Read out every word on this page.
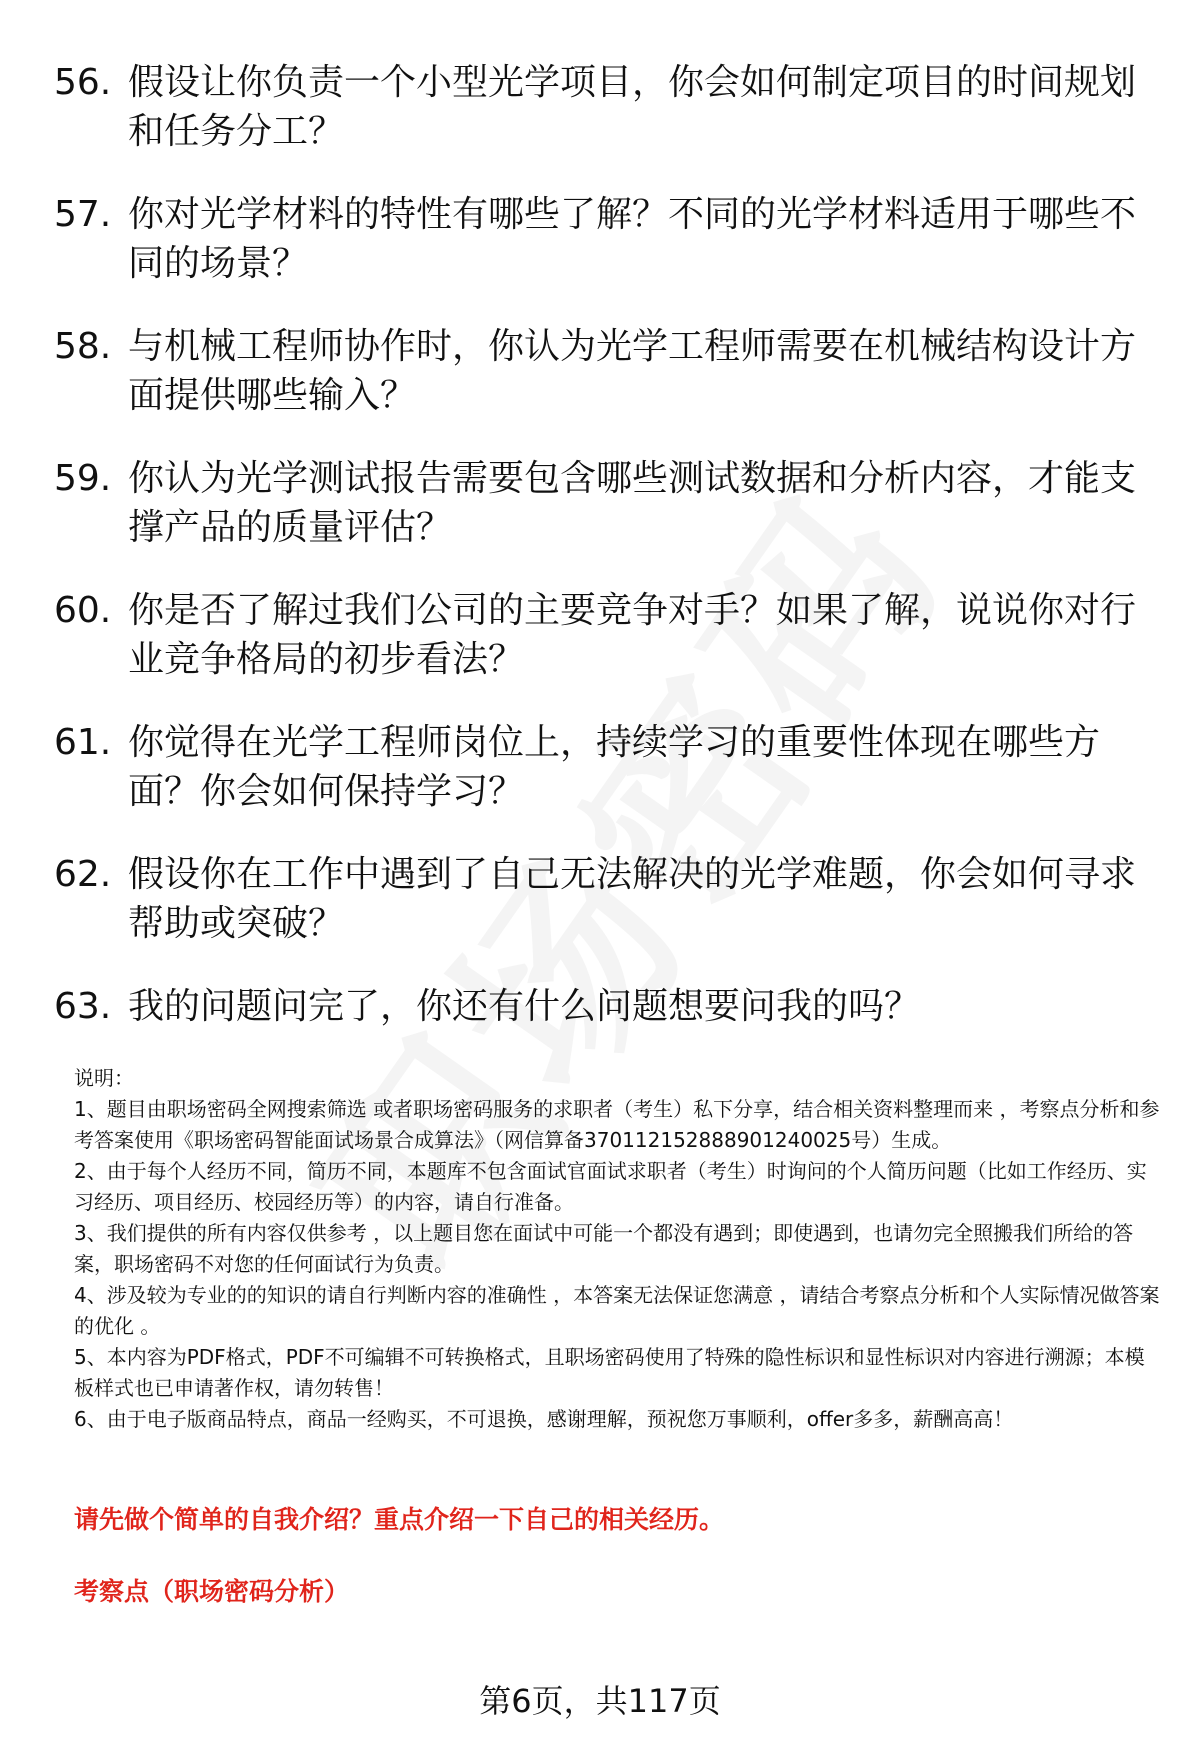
56. 假设让你负责一个小型光学项目，你会如何制定项目的时间规划和任务分工？
57. 你对光学材料的特性有哪些了解？不同的光学材料适用于哪些不同的场景？
58. 与机械工程师协作时，你认为光学工程师需要在机械结构设计方面提供哪些输入？
59. 你认为光学测试报告需要包含哪些测试数据和分析内容，才能支撑产品的质量评估？
60. 你是否了解过我们公司的主要竞争对手？如果了解，说说你对行业竞争格局的初步看法？
61. 你觉得在光学工程师岗位上，持续学习的重要性体现在哪些方面？你会如何保持学习？
62. 假设你在工作中遇到了自己无法解决的光学难题，你会如何寻求帮助或突破？
63. 我的问题问完了，你还有什么问题想要问我的吗？

说明：

1、题目由职场密码全网搜索筛选 或者职场密码服务的求职者（考生）私下分享，结合相关资料整理而来 ，考察点分析和参考答案使用《职场密码智能面试场景合成算法》（网信算备370112152888901240025号）生成。

2、由于每个人经历不同，简历不同，本题库不包含面试官面试求职者（考生）时询问的个人简历问题（比如工作经历、实习经历、项目经历、校园经历等）的内容，请自行准备。

3、我们提供的所有内容仅供参考 ，以上题目您在面试中可能一个都没有遇到；即使遇到，也请勿完全照搬我们所给的答案，职场密码不对您的任何面试行为负责。

4、涉及较为专业的的知识的请自行判断内容的准确性 ，本答案无法保证您满意 ，请结合考察点分析和个人实际情况做答案的优化 。

5、本内容为PDF格式，PDF不可编辑不可转换格式，且职场密码使用了特殊的隐性标识和显性标识对内容进行溯源；本模板样式也已申请著作权，请勿转售！

6、由于电子版商品特点，商品一经购买，不可退换，感谢理解，预祝您万事顺利，offer多多，薪酬高高！

请先做个简单的自我介绍？重点介绍一下自己的相关经历。
考察点（职场密码分析）
第6页，共117页
